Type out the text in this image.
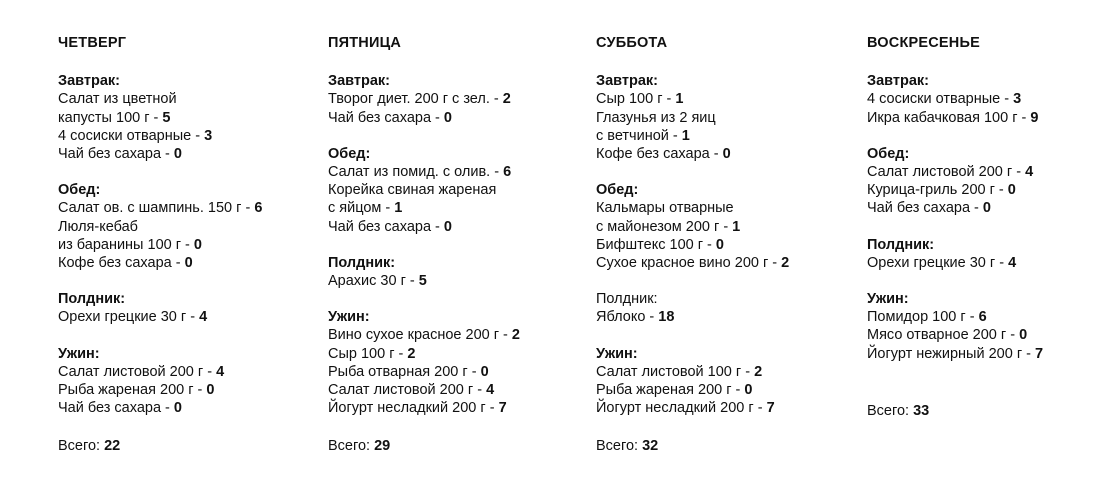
ЧЕТВЕРГ
Завтрак:
Салат из цветной
капусты 100 г - 5
4 сосиски отварные - 3
Чай без сахара - 0
Обед:
Салат ов. с шампинь. 150 г - 6
Люля-кебаб
из баранины 100 г - 0
Кофе без сахара - 0
Полдник:
Орехи грецкие 30 г - 4
Ужин:
Салат листовой 200 г - 4
Рыба жареная 200 г - 0
Чай без сахара - 0
Всего: 22
ПЯТНИЦА
Завтрак:
Творог диет. 200 г с зел. - 2
Чай без сахара - 0
Обед:
Салат из помид. с олив. - 6
Корейка свиная жареная
с яйцом - 1
Чай без сахара - 0
Полдник:
Арахис 30 г - 5
Ужин:
Вино сухое красное 200 г - 2
Сыр 100 г - 2
Рыба отварная 200 г - 0
Салат листовой 200 г - 4
Йогурт несладкий 200 г - 7
Всего: 29
СУББОТА
Завтрак:
Сыр 100 г - 1
Глазунья из 2 яиц
с ветчиной - 1
Кофе без сахара - 0
Обед:
Кальмары отварные
с майонезом 200 г - 1
Бифштекс 100 г - 0
Сухое красное вино 200 г - 2
Полдник:
Яблоко - 18
Ужин:
Салат листовой 100 г - 2
Рыба жареная 200 г - 0
Йогурт несладкий 200 г - 7
Всего: 32
ВОСКРЕСЕНЬЕ
Завтрак:
4 сосиски отварные - 3
Икра кабачковая 100 г - 9
Обед:
Салат листовой 200 г - 4
Курица-гриль 200 г - 0
Чай без сахара - 0
Полдник:
Орехи грецкие 30 г - 4
Ужин:
Помидор 100 г - 6
Мясо отварное 200 г - 0
Йогурт нежирный 200 г - 7
Всего: 33
